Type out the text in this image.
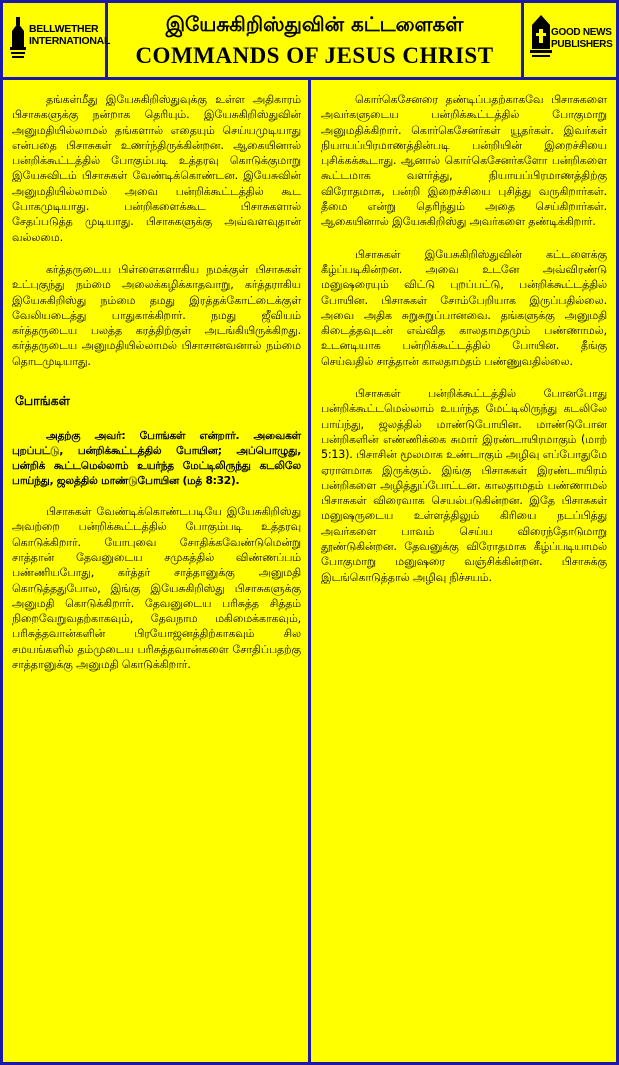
BELLWETHER
INTERNATIONAL
இயேசுகிறிஸ்துவின் கட்டளைகள்
COMMANDS OF JESUS CHRIST
GOOD NEWS
PUBLISHERS

தங்கள்மீது இயேசுகிறிஸ்துவுக்கு உள்ள அதிகாரம் பிசாசுகளுக்கு நன்றாக தெரியும். இயேசுகிறிஸ்துவின் அனுமதியில்லாமல் தங்களால் எதையும் செய்யமுடியாது என்பதை பிசாசுகள் உணர்ந்திருக்கின்றன. ஆகையினால் பன்றிக்கூட்டத்தில் போகும்படி உத்தரவு கொடுக்குமாறு இயேசுவிடம் பிசாசுகள் வேண்டிக்கொண்டன. இயேசுவின் அனுமதியில்லாமல் அவை பன்றிக்கூட்டத்தில் கூட போகமுடியாது. பன்றிகளைக்கூட பிசாசுகளால் சேதப்படுத்த முடியாது. பிசாசுகளுக்கு அவ்வளவுதான் வல்லமை.

கர்த்தருடைய பிள்ளைகளாகிய நமக்குள் பிசாசுகள் உட்புகுந்து நம்மை அலைக்கழிக்காதவாறு, கர்த்தராகிய இயேசுகிறிஸ்து நம்மை தமது இரத்தக்கோட்டைக்குள் வேலியடைத்து பாதுகாக்கிறார். நமது ஜீவியம் கர்த்தருடைய பலத்த கரத்திற்குள் அடங்கியிருக்கிறது. கர்த்தருடைய அனுமதியில்லாமல் பிசாசானவனால் நம்மை தொடமுடியாது.

போங்கள்

அதற்கு அவர்: போங்கள் என்றார். அவைகள் புறப்பட்டு, பன்றிக்கூட்டத்தில் போயின; அப்பொழுது, பன்றிக் கூட்டமெல்லாம் உயர்ந்த மேட்டிலிருந்து கடலிலே பாய்ந்து, ஜலத்தில் மாண்டுபோயின (மத் 8:32).

பிசாசுகள் வேண்டிக்கொண்டபடியே இயேசுகிறிஸ்து அவற்றை பன்றிக்கூட்டத்தில் போகும்படி உத்தரவு கொடுக்கிறார். யோபுவை சோதிக்கவேண்டுமென்று சாத்தான் தேவனுடைய சமுகத்தில் விண்ணப்பம் பண்ணியபோது, கர்த்தர் சாத்தானுக்கு அனுமதி கொடுத்ததுபோல, இங்கு இயேசுகிறிஸ்து பிசாசுகளுக்கு அனுமதி கொடுக்கிறார். தேவனுடைய பரிசுத்த சித்தம் நிறைவேறுவதற்காகவும், தேவநாம மகிமைக்காகவும், பரிசுத்தவான்களின் பிரயோஜனத்திற்காகவும் சில சமயங்களில் தம்முடைய பரிசுத்தவான்களை சோதிப்பதற்கு சாத்தானுக்கு அனுமதி கொடுக்கிறார்.

கொர்கெசேனரை தண்டிப்பதற்காகவே பிசாசுகளை அவர்களுடைய பன்றிக்கூட்டத்தில் போகுமாறு அனுமதிக்கிறார். கொர்கெசேனர்கள் யூதர்கள். இவர்கள் நியாயப்பிரமாணத்தின்படி பன்றியின் இறைச்சியை புசிக்கக்கூடாது. ஆனால் கொர்கெசேனர்களோ பன்றிகளை கூட்டமாக வளர்த்து, நியாயப்பிரமாணத்திற்கு விரோதமாக, பன்றி இறைச்சியை புசித்து வருகிறார்கள். தீமை என்று தெரிந்தும் அதை செய்கிறார்கள். ஆகையினால் இயேசுகிறிஸ்து அவர்களை தண்டிக்கிறார்.

பிசாசுகள் இயேசுகிறிஸ்துவின் கட்டளைக்கு கீழ்ப்படிகின்றன. அவை உடனே அவ்விரண்டு மனுஷரையும் விட்டு புறப்பட்டு, பன்றிக்கூட்டத்தில் போயின. பிசாசுகள் சோம்பேறியாக இருப்பதில்லை. அவை அதிக சுறுசுறுப்பானவை. தங்களுக்கு அனுமதி கிடைத்தவுடன் எவ்வித காலதாமதமும் பண்ணாமல், உடனடியாக பன்றிக்கூட்டத்தில் போயின. தீங்கு செய்வதில் சாத்தான் காலதாமதம் பண்ணுவதில்லை.

பிசாசுகள் பன்றிக்கூட்டத்தில் போனபோது பன்றிக்கூட்டமெல்லாம் உயர்ந்த மேட்டிலிருந்து கடலிலே பாய்ந்து, ஜலத்தில் மாண்டுபோயின. மாண்டுபோன பன்றிகளின் எண்ணிக்கை சுமார் இரண்டாயிரமாகும் (மாற் 5:13). பிசாசின் மூலமாக உண்டாகும் அழிவு எப்போதுமே ஏராளமாக இருக்கும். இங்கு பிசாசுகள் இரண்டாயிரம் பன்றிகளை அழித்துப்போட்டன. காலதாமதம் பண்ணாமல் பிசாசுகள் விரைவாக செயல்படுகின்றன. இதே பிசாசுகள் மனுஷருடைய உள்ளத்திலும் கிரியை நடப்பித்து அவர்களை பாவம் செய்ய விரைந்தோடுமாறு தூண்டுகின்றன. தேவனுக்கு விரோதமாக கீழ்ப்படியாமல் போகுமாறு மனுஷரை வஞ்சிக்கின்றன. பிசாசுக்கு இடங்கொடுத்தால் அழிவு நிச்சயம்.
